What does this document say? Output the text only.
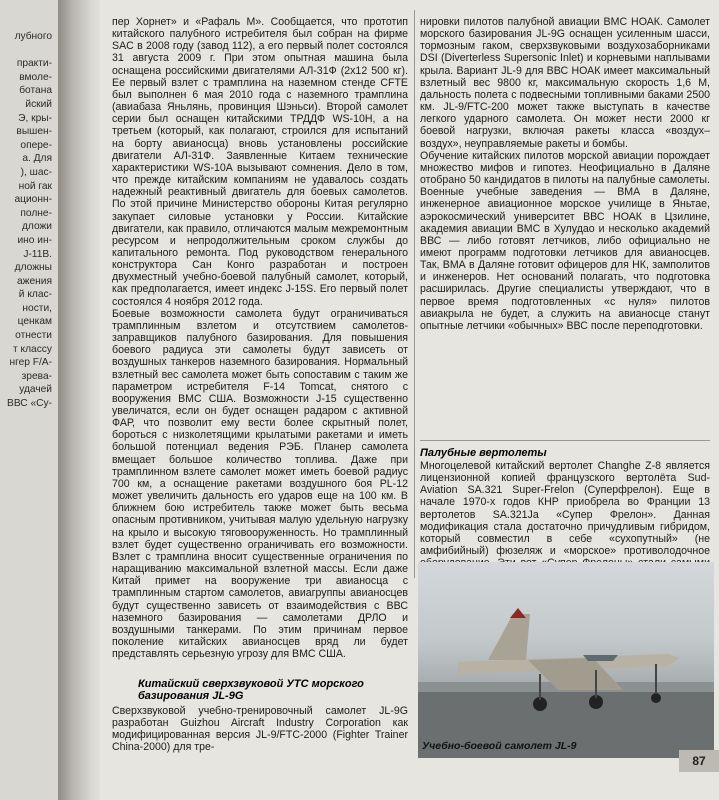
лубного
практи-
вмоле-
ботана
йский
Э, кры-
вышен-
опере-
а. Для
), шас-
ной гак
ационн-
полне-
дложи
ино ин-
J-11B.
дложны
ажения
й клас-
ности,
ценкам
отнести
т классу
нгер F/A-
зрева-
удачей
ВВС «Су-

пер Хорнет» и «Рафаль М». Сообщается, что прототип китайского палубного истребителя был собран на фирме SAC в 2008 году (завод 112), а его первый полет состоялся 31 августа 2009 г. При этом опытная машина была оснащена российскими двигателями АЛ-31Ф (2х12 500 кг). Ее первый взлет с трамплина на наземном стенде CFTE был выполнен 6 мая 2010 года с наземного трамплина (авиабаза Яньлянь, провинция Шэньси). Второй самолет серии был оснащен китайскими ТРДДФ WS-10H, а на третьем (который, как полагают, строился для испытаний на борту авианосца) вновь установлены российские двигатели АЛ-31Ф. Заявленные Китаем технические характеристики WS-10A вызывают сомнения. Дело в том, что прежде китайским компаниям не удавалось создать надежный реактивный двигатель для боевых самолетов. По этой причине Министерство обороны Китая регулярно закупает силовые установки у России. Китайские двигатели, как правило, отличаются малым межремонтным ресурсом и непродолжительным сроком службы до капитального ремонта. Под руководством генерального конструктора Сан Конго разработан и построен двухместный учебно-боевой палубный самолет, который, как предполагается, имеет индекс J-15S. Его первый полет состоялся 4 ноября 2012 года.

Боевые возможности самолета будут ограничиваться трамплинным взлетом и отсутствием самолетов-заправщиков палубного базирования. Для повышения боевого радиуса эти самолеты будут зависеть от воздушных танкеров наземного базирования. Нормальный взлетный вес самолета может быть сопоставим с таким же параметром истребителя F-14 Tomcat, снятого с вооружения ВМС США. Возможности J-15 существенно увеличатся, если он будет оснащен радаром с активной ФАР, что позволит ему вести более скрытный полет, бороться с низколетящими крылатыми ракетами и иметь большой потенциал ведения РЭБ. Планер самолета вмещает большое количество топлива. Даже при трамплинном взлете самолет может иметь боевой радиус 700 км, а оснащение ракетами воздушного боя PL-12 может увеличить дальность его ударов еще на 100 км. В ближнем бою истребитель также может быть весьма опасным противником, учитывая малую удельную нагрузку на крыло и высокую тяговооруженность. Но трамплинный взлет будет существенно ограничивать его возможности. Взлет с трамплина вносит существенные ограничения по наращиванию максимальной взлетной массы. Если даже Китай примет на вооружение три авианосца с трамплинным стартом самолетов, авиагруппы авианосцев будут существенно зависеть от взаимодействия с ВВС наземного базирования — самолетами ДРЛО и воздушными танкерами. По этим причинам первое поколение китайских авианосцев вряд ли будет представлять серьезную угрозу для ВМС США.

Китайский сверхзвуковой УТС морского базирования JL-9G

Сверхзвуковой учебно-тренировочный самолет JL-9G разработан Guizhou Aircraft Industry Corporation как модифицированная версия JL-9/FTC-2000 (Fighter Trainer China-2000) для тре-

нировки пилотов палубной авиации ВМС НОАК. Самолет морского базирования JL-9G оснащен усиленным шасси, тормозным гаком, сверхзвуковыми воздухозаборниками DSI (Diverterless Supersonic Inlet) и корневыми наплывами крыла. Вариант JL-9 для ВВС НОАК имеет максимальный взлетный вес 9800 кг, максимальную скорость 1,6 М, дальность полета с подвесными топливными баками 2500 км. JL-9/FTC-200 может также выступать в качестве легкого ударного самолета. Он может нести 2000 кг боевой нагрузки, включая ракеты класса «воздух–воздух», неуправляемые ракеты и бомбы.

Обучение китайских пилотов морской авиации порождает множество мифов и гипотез. Неофициально в Даляне отобрано 50 кандидатов в пилоты на палубные самолеты. Военные учебные заведения — ВМА в Даляне, инженерное авиационное морское училище в Яньтае, аэрокосмический университет ВВС НОАК в Цзилине, академия авиации ВМС в Хулудао и несколько академий ВВС — либо готовят летчиков, либо официально не имеют программ подготовки летчиков для авианосцев. Так, ВМА в Даляне готовит офицеров для НК, замполитов и инженеров. Нет оснований полагать, что подготовка расширилась. Другие специалисты утверждают, что в первое время подготовленных «с нуля» пилотов авиакрыла не будет, а служить на авианосце станут опытные летчики «обычных» ВВС после переподготовки.

Палубные вертолеты

Многоцелевой китайский вертолет Changhe Z-8 является лицензионной копией французского вертолёта Sud-Aviation SA.321 Super-Frelon (Суперфрелон). Еще в начале 1970-х годов КНР приобрела во Франции 13 вертолетов SA.321Ja «Супер Фрелон». Данная модификация стала достаточно причудливым гибридом, который совместил в себе «сухопутный» (не амфибийный) фюзеляж и «морское» противолодочное

Учебно-боевой самолет JL-9
87
